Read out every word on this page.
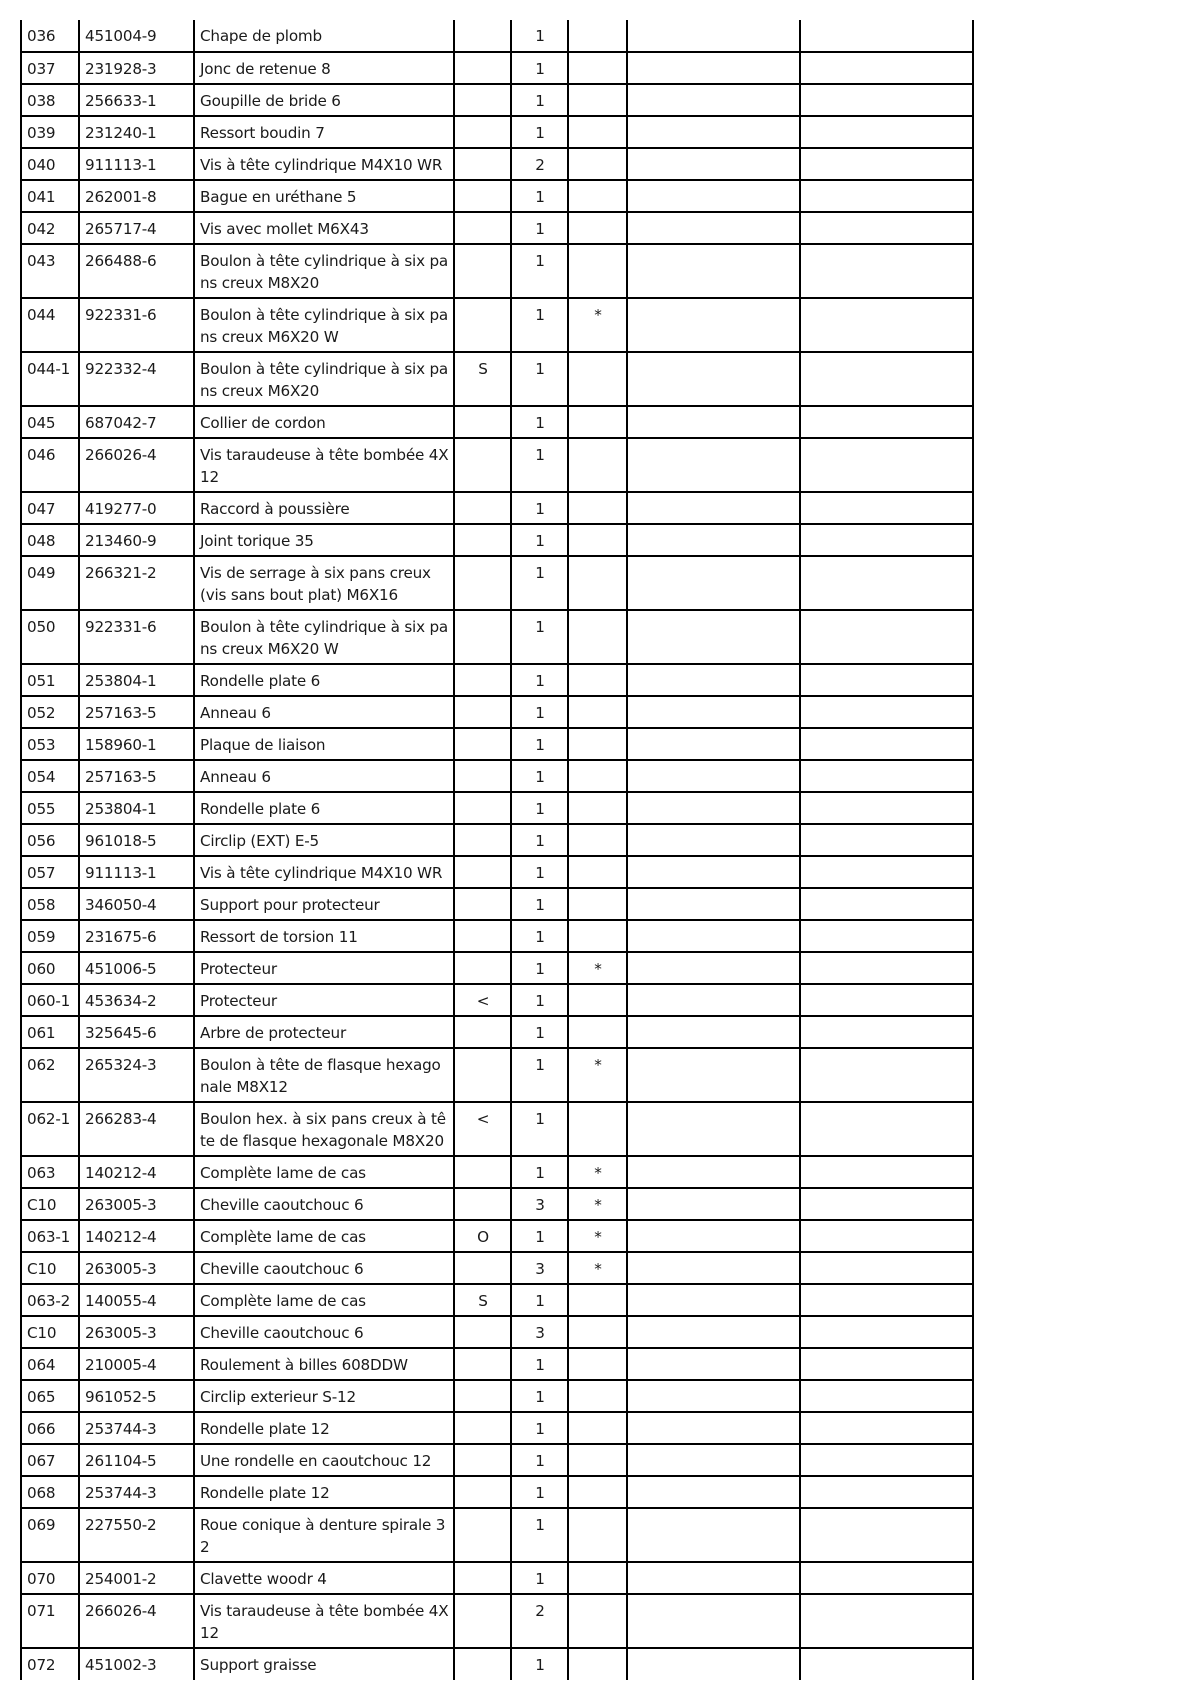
036	451004-9	Chape de plomb		1			
037	231928-3	Jonc de retenue 8		1			
038	256633-1	Goupille de bride 6		1			
039	231240-1	Ressort boudin 7		1			
040	911113-1	Vis à tête cylindrique M4X10 WR		2			
041	262001-8	Bague en uréthane 5		1			
042	265717-4	Vis avec mollet M6X43		1			
043	266488-6	Boulon à tête cylindrique à six pans creux M8X20		1			
044	922331-6	Boulon à tête cylindrique à six pans creux M6X20 W		1	*		
044-1	922332-4	Boulon à tête cylindrique à six pans creux M6X20	S	1			
045	687042-7	Collier de cordon		1			
046	266026-4	Vis taraudeuse à tête bombée 4X12		1			
047	419277-0	Raccord à poussière		1			
048	213460-9	Joint torique 35		1			
049	266321-2	Vis de serrage à six pans creux (vis sans bout plat) M6X16		1			
050	922331-6	Boulon à tête cylindrique à six pans creux M6X20 W		1			
051	253804-1	Rondelle plate 6		1			
052	257163-5	Anneau 6		1			
053	158960-1	Plaque de liaison		1			
054	257163-5	Anneau 6		1			
055	253804-1	Rondelle plate 6		1			
056	961018-5	Circlip (EXT) E-5		1			
057	911113-1	Vis à tête cylindrique M4X10 WR		1			
058	346050-4	Support pour protecteur		1			
059	231675-6	Ressort de torsion 11		1			
060	451006-5	Protecteur		1	*		
060-1	453634-2	Protecteur	<	1			
061	325645-6	Arbre de protecteur		1			
062	265324-3	Boulon à tête de flasque hexagonale M8X12		1	*		
062-1	266283-4	Boulon hex. à six pans creux à tête de flasque hexagonale M8X20	<	1			
063	140212-4	Complète lame de cas		1	*		
C10	263005-3	Cheville caoutchouc 6		3	*		
063-1	140212-4	Complète lame de cas	O	1	*		
C10	263005-3	Cheville caoutchouc 6		3	*		
063-2	140055-4	Complète lame de cas	S	1			
C10	263005-3	Cheville caoutchouc 6		3			
064	210005-4	Roulement à billes 608DDW		1			
065	961052-5	Circlip exterieur S-12		1			
066	253744-3	Rondelle plate 12		1			
067	261104-5	Une rondelle en caoutchouc 12		1			
068	253744-3	Rondelle plate 12		1			
069	227550-2	Roue conique à denture spirale 32		1			
070	254001-2	Clavette woodr 4		1			
071	266026-4	Vis taraudeuse à tête bombée 4X12		2			
072	451002-3	Support graisse		1			
